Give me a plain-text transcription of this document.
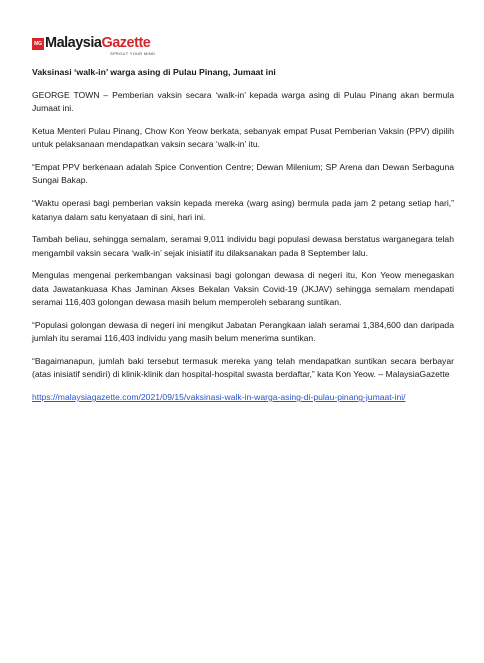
MG MalaysiaGazette
SPROUT YOUR MIND
Vaksinasi ‘walk-in’ warga asing di Pulau Pinang, Jumaat ini

GEORGE TOWN – Pemberian vaksin secara ‘walk-in’ kepada warga asing di Pulau Pinang akan bermula Jumaat ini.

Ketua Menteri Pulau Pinang, Chow Kon Yeow berkata, sebanyak empat Pusat Pemberian Vaksin (PPV) dipilih untuk pelaksanaan mendapatkan vaksin secara ‘walk-in’ itu.

“Empat PPV berkenaan adalah Spice Convention Centre; Dewan Milenium; SP Arena dan Dewan Serbaguna Sungai Bakap.

“Waktu operasi bagi pemberian vaksin kepada mereka (warg asing) bermula pada jam 2 petang setiap hari,” katanya dalam satu kenyataan di sini, hari ini.

Tambah beliau, sehingga semalam, seramai 9,011 individu bagi populasi dewasa berstatus warganegara telah mengambil vaksin secara ‘walk-in’ sejak inisiatif itu dilaksanakan pada 8 September lalu.

Mengulas mengenai perkembangan vaksinasi bagi golongan dewasa di negeri itu, Kon Yeow menegaskan data Jawatankuasa Khas Jaminan Akses Bekalan Vaksin Covid-19 (JKJAV) sehingga semalam mendapati seramai 116,403 golongan dewasa masih belum memperoleh sebarang suntikan.

“Populasi golongan dewasa di negeri ini mengikut Jabatan Perangkaan ialah seramai 1,384,600 dan daripada jumlah itu seramai 116,403 individu yang masih belum menerima suntikan.

“Bagaimanapun, jumlah baki tersebut termasuk mereka yang telah mendapatkan suntikan secara berbayar (atas inisiatif sendiri) di klinik-klinik dan hospital-hospital swasta berdaftar,” kata Kon Yeow. – MalaysiaGazette

https://malaysiagazette.com/2021/09/15/vaksinasi-walk-in-warga-asing-di-pulau-pinang-jumaat-ini/
